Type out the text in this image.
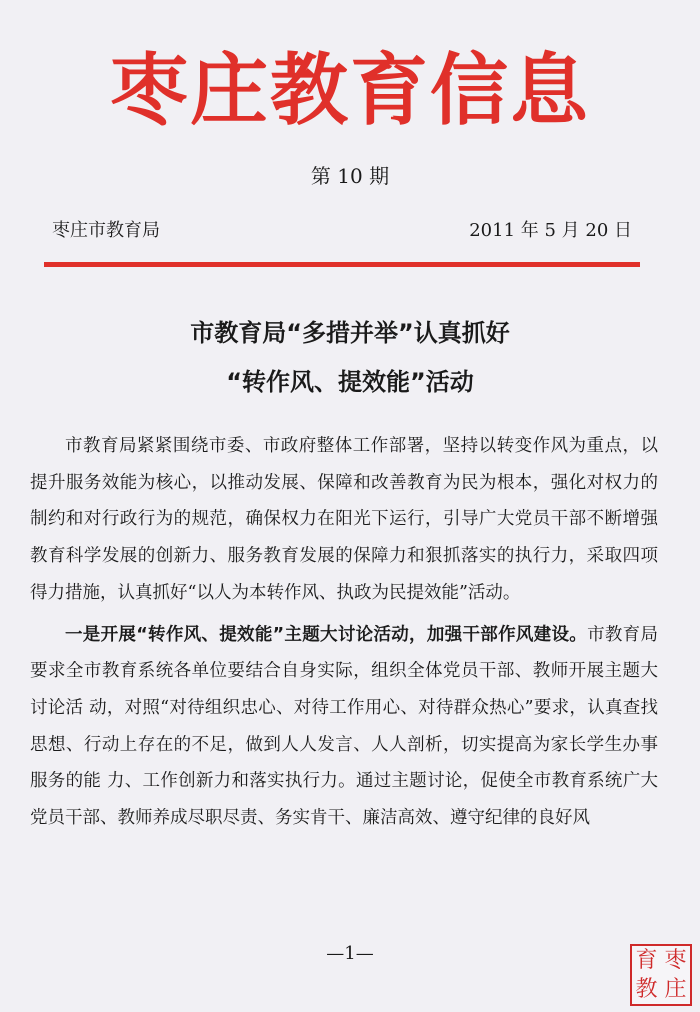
枣庄教育信息
第 10 期
枣庄市教育局	2011 年 5 月 20 日
市教育局“多措并举”认真抓好
“转作风、提效能”活动

市教育局紧紧围绕市委、市政府整体工作部署，坚持以转变作风为重点，以提升服务效能为核心，以推动发展、保障和改善教育为民为根本，强化对权力的制约和对行政行为的规范，确保权力在阳光下运行，引导广大党员干部不断增强教育科学发展的创新力、服务教育发展的保障力和狠抓落实的执行力，采取四项得力措施，认真抓好“以人为本转作风、执政为民提效能”活动。

一是开展“转作风、提效能”主题大讨论活动，加强干部作风建设。市教育局要求全市教育系统各单位要结合自身实际，组织全体党员干部、教师开展主题大讨论活 动，对照“对待组织忠心、对待工作用心、对待群众热心”要求，认真查找思想、行动上存在的不足，做到人人发言、人人剖析，切实提高为家长学生办事服务的能 力、工作创新力和落实执行力。通过主题讨论，促使全市教育系统广大党员干部、教师养成尽职尽责、务实肯干、廉洁高效、遵守纪律的良好风

—1—	育 枣
教 庄
